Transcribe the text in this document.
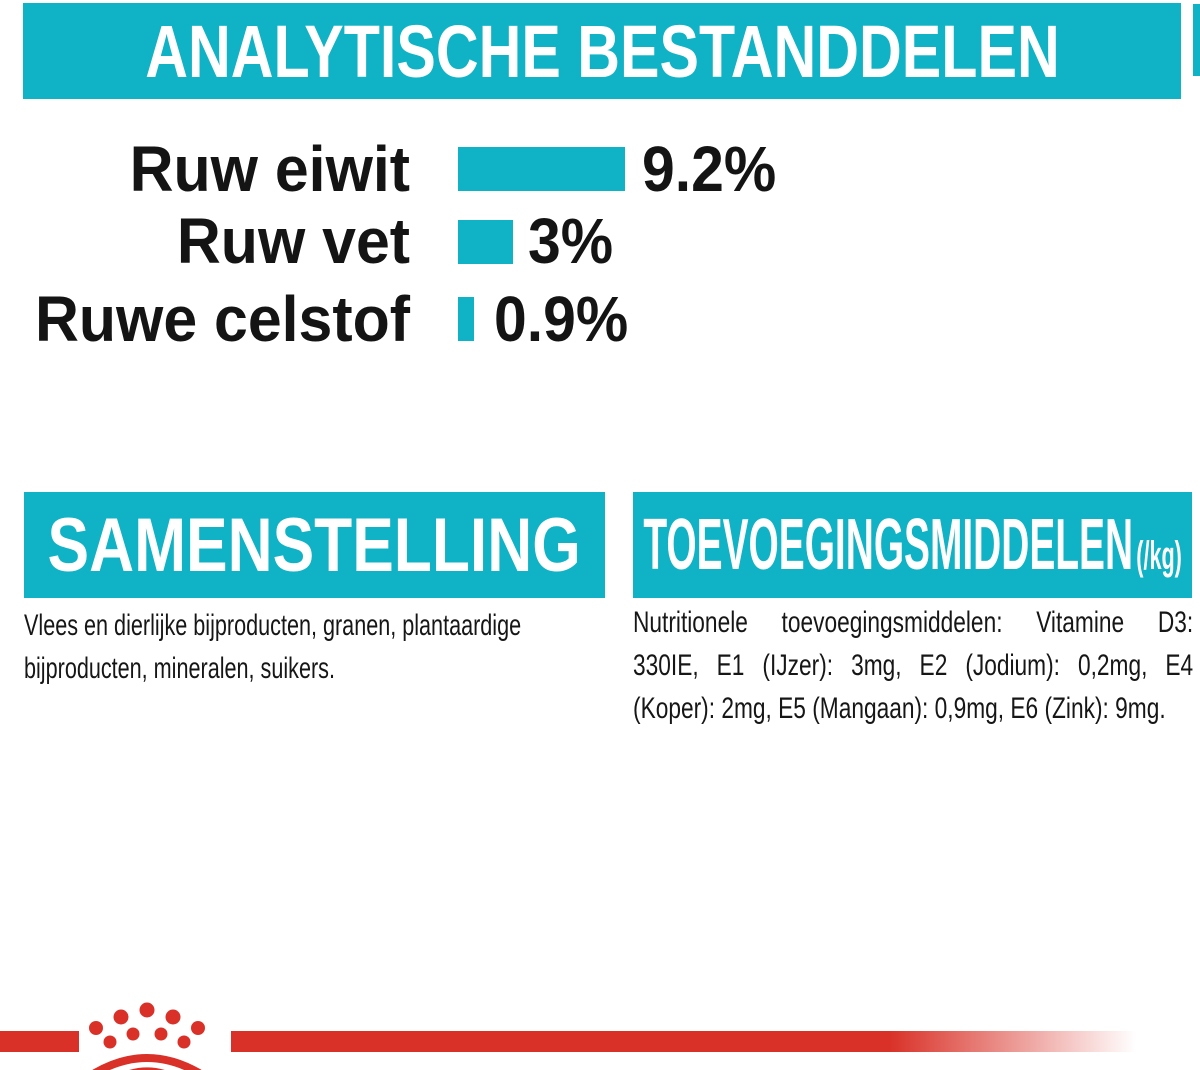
ANALYTISCHE BESTANDDELEN
Ruw eiwit	9.2%
Ruw vet 3%
Ruwe celstof 0.9%
SAMENSTELLING
Vlees en dierlijke bijproducten, granen, plantaardige
bijproducten, mineralen, suikers.
TOEVOEGINGSMIDDELEN (/kg)
Nutritionele toevoegingsmiddelen: Vitamine D3:
330IE, E1 (IJzer): 3mg, E2 (Jodium): 0,2mg, E4
(Koper): 2mg, E5 (Mangaan): 0,9mg, E6 (Zink): 9mg.
